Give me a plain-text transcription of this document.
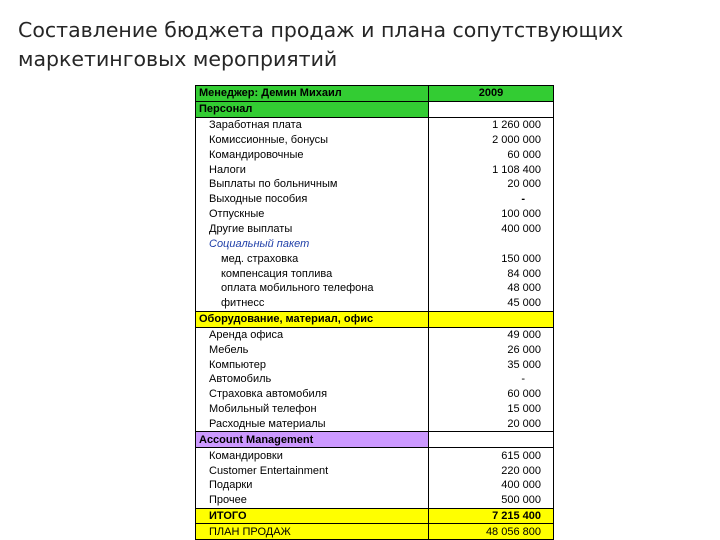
Составление бюджета продаж и плана сопутствующих маркетинговых мероприятий
Менеджер: Демин Михаил	2009
Персонал	
Заработная плата	1 260 000
Комиссионные, бонусы	2 000 000
Командировочные	60 000
Налоги	1 108 400
Выплаты по больничным	20 000
Выходные пособия	-
Отпускные	100 000
Другие выплаты	400 000
Социальный пакет	
мед. страховка	150 000
компенсация топлива	84 000
оплата мобильного телефона	48 000
фитнесс	45 000
Оборудование, материал, офис	
Аренда офиса	49 000
Мебель	26 000
Компьютер	35 000
Автомобиль	-
Страховка автомобиля	60 000
Мобильный телефон	15 000
Расходные материалы	20 000
Account Management	
Командировки	615 000
Customer Entertainment	220 000
Подарки	400 000
Прочее	500 000
ИТОГО	7 215 400
ПЛАН ПРОДАЖ	48 056 800
